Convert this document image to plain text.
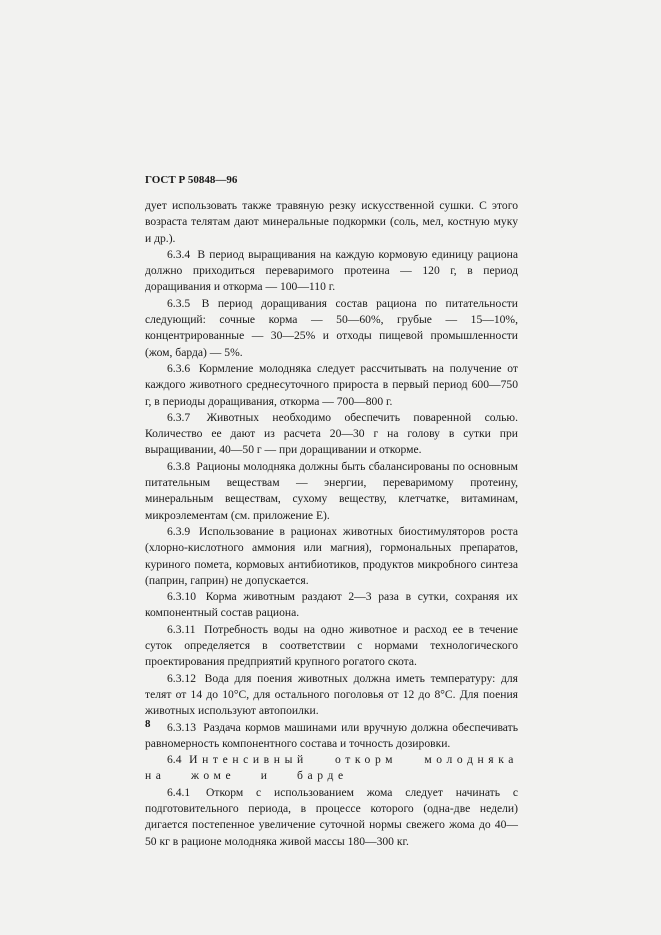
ГОСТ Р 50848—96

дует использовать также травяную резку искусственной сушки. С этого возраста телятам дают минеральные подкормки (соль, мел, костную муку и др.).

6.3.4 В период выращивания на каждую кормовую единицу рациона должно приходиться переваримого протеина — 120 г, в период доращивания и откорма — 100—110 г.

6.3.5 В период доращивания состав рациона по питательности следующий: сочные корма — 50—60%, грубые — 15—10%, концентрированные — 30—25% и отходы пищевой промышленности (жом, барда) — 5%.

6.3.6 Кормление молодняка следует рассчитывать на получение от каждого животного среднесуточного прироста в первый период 600—750 г, в периоды доращивания, откорма — 700—800 г.

6.3.7 Животных необходимо обеспечить поваренной солью. Количество ее дают из расчета 20—30 г на голову в сутки при выращивании, 40—50 г — при доращивании и откорме.

6.3.8 Рационы молодняка должны быть сбалансированы по основным питательным веществам — энергии, переваримому протеину, минеральным веществам, сухому веществу, клетчатке, витаминам, микроэлементам (см. приложение Е).

6.3.9 Использование в рационах животных биостимуляторов роста (хлорно-кислотного аммония или магния), гормональных препаратов, куриного помета, кормовых антибиотиков, продуктов микробного синтеза (паприн, гаприн) не допускается.

6.3.10 Корма животным раздают 2—3 раза в сутки, сохраняя их компонентный состав рациона.

6.3.11 Потребность воды на одно животное и расход ее в течение суток определяется в соответствии с нормами технологического проектирования предприятий крупного рогатого скота.

6.3.12 Вода для поения животных должна иметь температуру: для телят от 14 до 10°С, для остального поголовья от 12 до 8°С. Для поения животных используют автопоилки.

6.3.13 Раздача кормов машинами или вручную должна обеспечивать равномерность компонентного состава и точность дозировки.

6.4 Интенсивный откорм молодняка на жоме и барде

6.4.1 Откорм с использованием жома следует начинать с подготовительного периода, в процессе которого (одна-две недели) дигается постепенное увеличение суточной нормы свежего жома до 40—50 кг в рационе молодняка живой массы 180—300 кг.

8
